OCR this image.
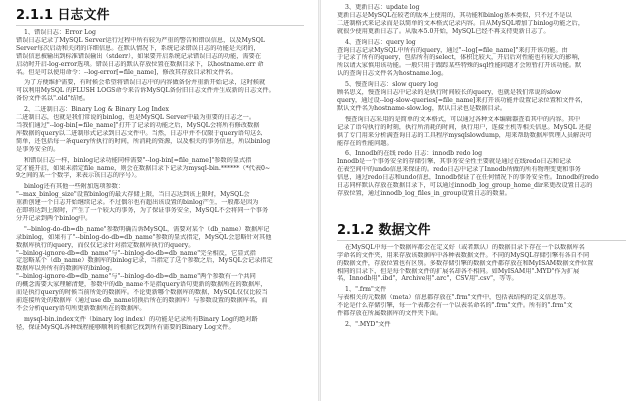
2.1.1 日志文件
1、错误日志：Error Log
错误日志记录了MySQL Server运行过程中所有较为严重的警告和错误信息，以及MySQL
Server每次启动和关闭的详细信息。在默认情况下，系统记录错误日志的功能是关闭的，
错误信息被输出到标准错误输出（stderr），如果要开启系统记录错误日志的功能，需要在
启动时开启-log-error选项。错误日志的默认存放位置在数据目录下，以hostname.err 命
名。但是可以使用命令：--log-error[=file_name]，修改其存放目录和文件名。
为了方便维护需要，有时候会希望将错误日志中的内容做备份并重新开始记录，这时候就
可以利用MySQL 的FLUSH LOGS命令来告诉MySQL备份旧日志文件并生成新的日志文件。
备份文件名以".old"结尾。
2、二进制日志：Binary Log & Binary Log Index
二进制日志，也就是我们常说的binlog，也是MySQL Server中最为重要的日志之一。
当我们通过"--log-bin[=file_name]"打开了记录的功能之后，MySQL会将所有修改数据
库数据的query以二进制形式记录到日志文件中。当然，日志中并不仅限于query语句这么
简单，还包括每一条query所执行的时间，所消耗的资源，以及相关的事务信息，所以binlog
是事务安全的。
和错误日志一样，binlog记录功能同样需要"--log-bin[=file_name]"参数的显式指
定才能开启，如果未指定file_name，则会在数据目录下记录为mysql-bin.******（*代表0~
9之间的某一个数字，来表示该日志的序号）。
binlog还有其他一些附加选项参数：
"--max_binlog_size"设置binlog的最大存储上限，当日志达到该上限时，MySQL会
重新创建一个日志开始继续记录。不过偶尔也有超出该设置的binlog产生，一般都是因为
在即将达到上限时，产生了一个较大的事务，为了保证事务安全，MySQL不会将同一个事务
分开记录到两个binlog中。
"--binlog-do-db=db_name"参数明确告诉MySQL，需要对某个（db_name）数据库记
录binlog，如果有了"--binlog-do-db=db_name"参数的显式指定，MySQL会忽略针对其他
数据库执行的query，而仅仅记录针对指定数据库执行的query。
"--binlog-ignore-db=db_name"与"--binlog-do-db=db_name"完全相反，它显式指
定忽略某个（db_name）数据库的binlog记录，当指定了这个参数之后，MySQL会记录指定
数据库以外所有的数据库的binlog。
"--binlog-ignore-db=db_name"与"--binlog-do-db=db_name"两个参数有一个共同
的概念需要大家理解清楚，参数中的db_name不是指query语句更新的数据所在的数据库，
而是执行query的时候当前所处的数据库。不论更新哪个数据库的数据，MySQL仅仅比较当
前连接所处的数据库（通过use db_name切换后所在的数据库）与参数设置的数据库名，而
不会分析query语句所更新数据所在的数据库。
mysql-bin.index文件（binary log index）的功能是记录所有Binary Log的绝对路
径，保证MySQL各种线程能够顺利的根据它找到所有需要的Binary Log文件。
3、更新日志：update log
更新日志是MySQL在较老的版本上使用的，其功能和binlog基本类似，只不过不是以
二进制格式来记录而是以简单的文本格式记录内容。自从MySQL增加了binlog功能之后，
就很少使用更新日志了。从版本5.0开始，MySQL已经不再支持更新日志了。
4、查询日志：query log
查询日志记录MySQL中所有的query，通过"--log[=file_name]"来打开该功能。由
于记录了所有的query，包括所有的select，体积比较大，开启后对性能也有较大的影响，
所以请大家慎用该功能。一般只用于跟踪某些特殊的sql性能问题才会短暂打开该功能。默
认的查询日志文件名为hostname.log。
5、慢查询日志：slow query log
顾名思义，慢查询日志中记录的是执行时间较长的query，也就是我们常说的slow
query，通过设--log-slow-queries[=file_name]来打开该功能并设置记录位置和文件名，
默认文件名为hostname-slow.log，默认目录也是数据目录。
慢查询日志采用的是简单的文本格式，可以通过各种文本编辑器查看其中的内容。其中
记录了语句执行的时刻，执行所消耗的时间，执行用户，连接主机等相关信息。MySQL 还提
供了专门用来分析满查询日志的工具程序mysqlslowdump，用来帮助数据库管理人员解决可
能存在的性能问题。
6、Innodb的在线 redo 日志：innodb redo log
Innodb是一个事务安全的存储引擎，其事务安全性主要就是通过在线redo日志和记录
在表空间中的undo信息来保证的。redo日志中记录了Innodb所做的所有物理变更和事务
信息，通过redo日志和undo信息，Innodb保证了在任何情况下的事务安全性。Innodb的redo
日志同样默认存放在数据目录下，可以通过innodb_log_group_home_dir来更改设置日志的
存放位置，通过innodb_log_files_in_group设置日志的数量。
2.1.2 数据文件
在MySQL中每一个数据库都会在定义好（或者默认）的数据目录下存在一个以数据库名
字命名的文件夹，用来存放该数据库中各种表数据文件。不同的MySQL存储引擎有各自不同
的数据文件，存放位置也有区别。多数存储引擎的数据文件都存放在和MyISAM数据文件位置
相同的目录下，但是每个数据文件的扩展名却各不相同。如MyISAM用".MYD"作为扩展
名，Innodb用".ibd"，Archive用".arc"，CSV用".csv"，等等。
1、".frm"文件
与表相关的元数据（meta）信息都存放在".frm"文件中，包括表结构的定义信息等。
不论是什么存储引擎，每一个表都会有一个以表名命名的".frm"文件。所有的".frm"文
件都存放在所属数据库的文件夹下面。
2、".MYD"文件
